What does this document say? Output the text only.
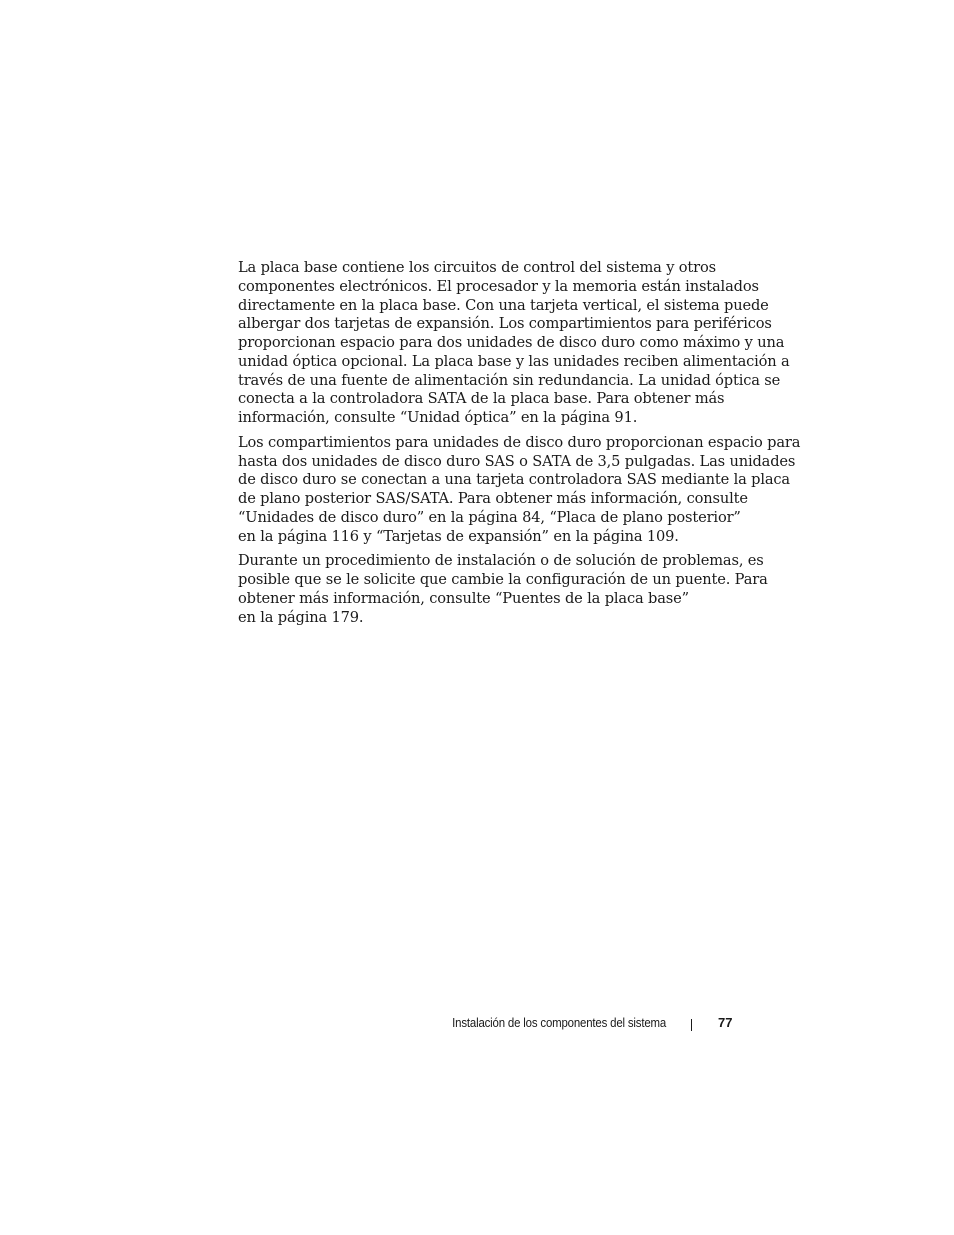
La placa base contiene los circuitos de control del sistema y otros
componentes electrónicos. El procesador y la memoria están instalados
directamente en la placa base. Con una tarjeta vertical, el sistema puede
albergar dos tarjetas de expansión. Los compartimientos para periféricos
proporcionan espacio para dos unidades de disco duro como máximo y una
unidad óptica opcional. La placa base y las unidades reciben alimentación a
través de una fuente de alimentación sin redundancia. La unidad óptica se
conecta a la controladora SATA de la placa base. Para obtener más
información, consulte “Unidad óptica” en la página 91.

Los compartimientos para unidades de disco duro proporcionan espacio para
hasta dos unidades de disco duro SAS o SATA de 3,5 pulgadas. Las unidades
de disco duro se conectan a una tarjeta controladora SAS mediante la placa
de plano posterior SAS/SATA. Para obtener más información, consulte
“Unidades de disco duro” en la página 84, “Placa de plano posterior”
en la página 116 y “Tarjetas de expansión” en la página 109.

Durante un procedimiento de instalación o de solución de problemas, es
posible que se le solicite que cambie la configuración de un puente. Para
obtener más información, consulte “Puentes de la placa base”
en la página 179.

Instalación de los componentes del sistema	77
